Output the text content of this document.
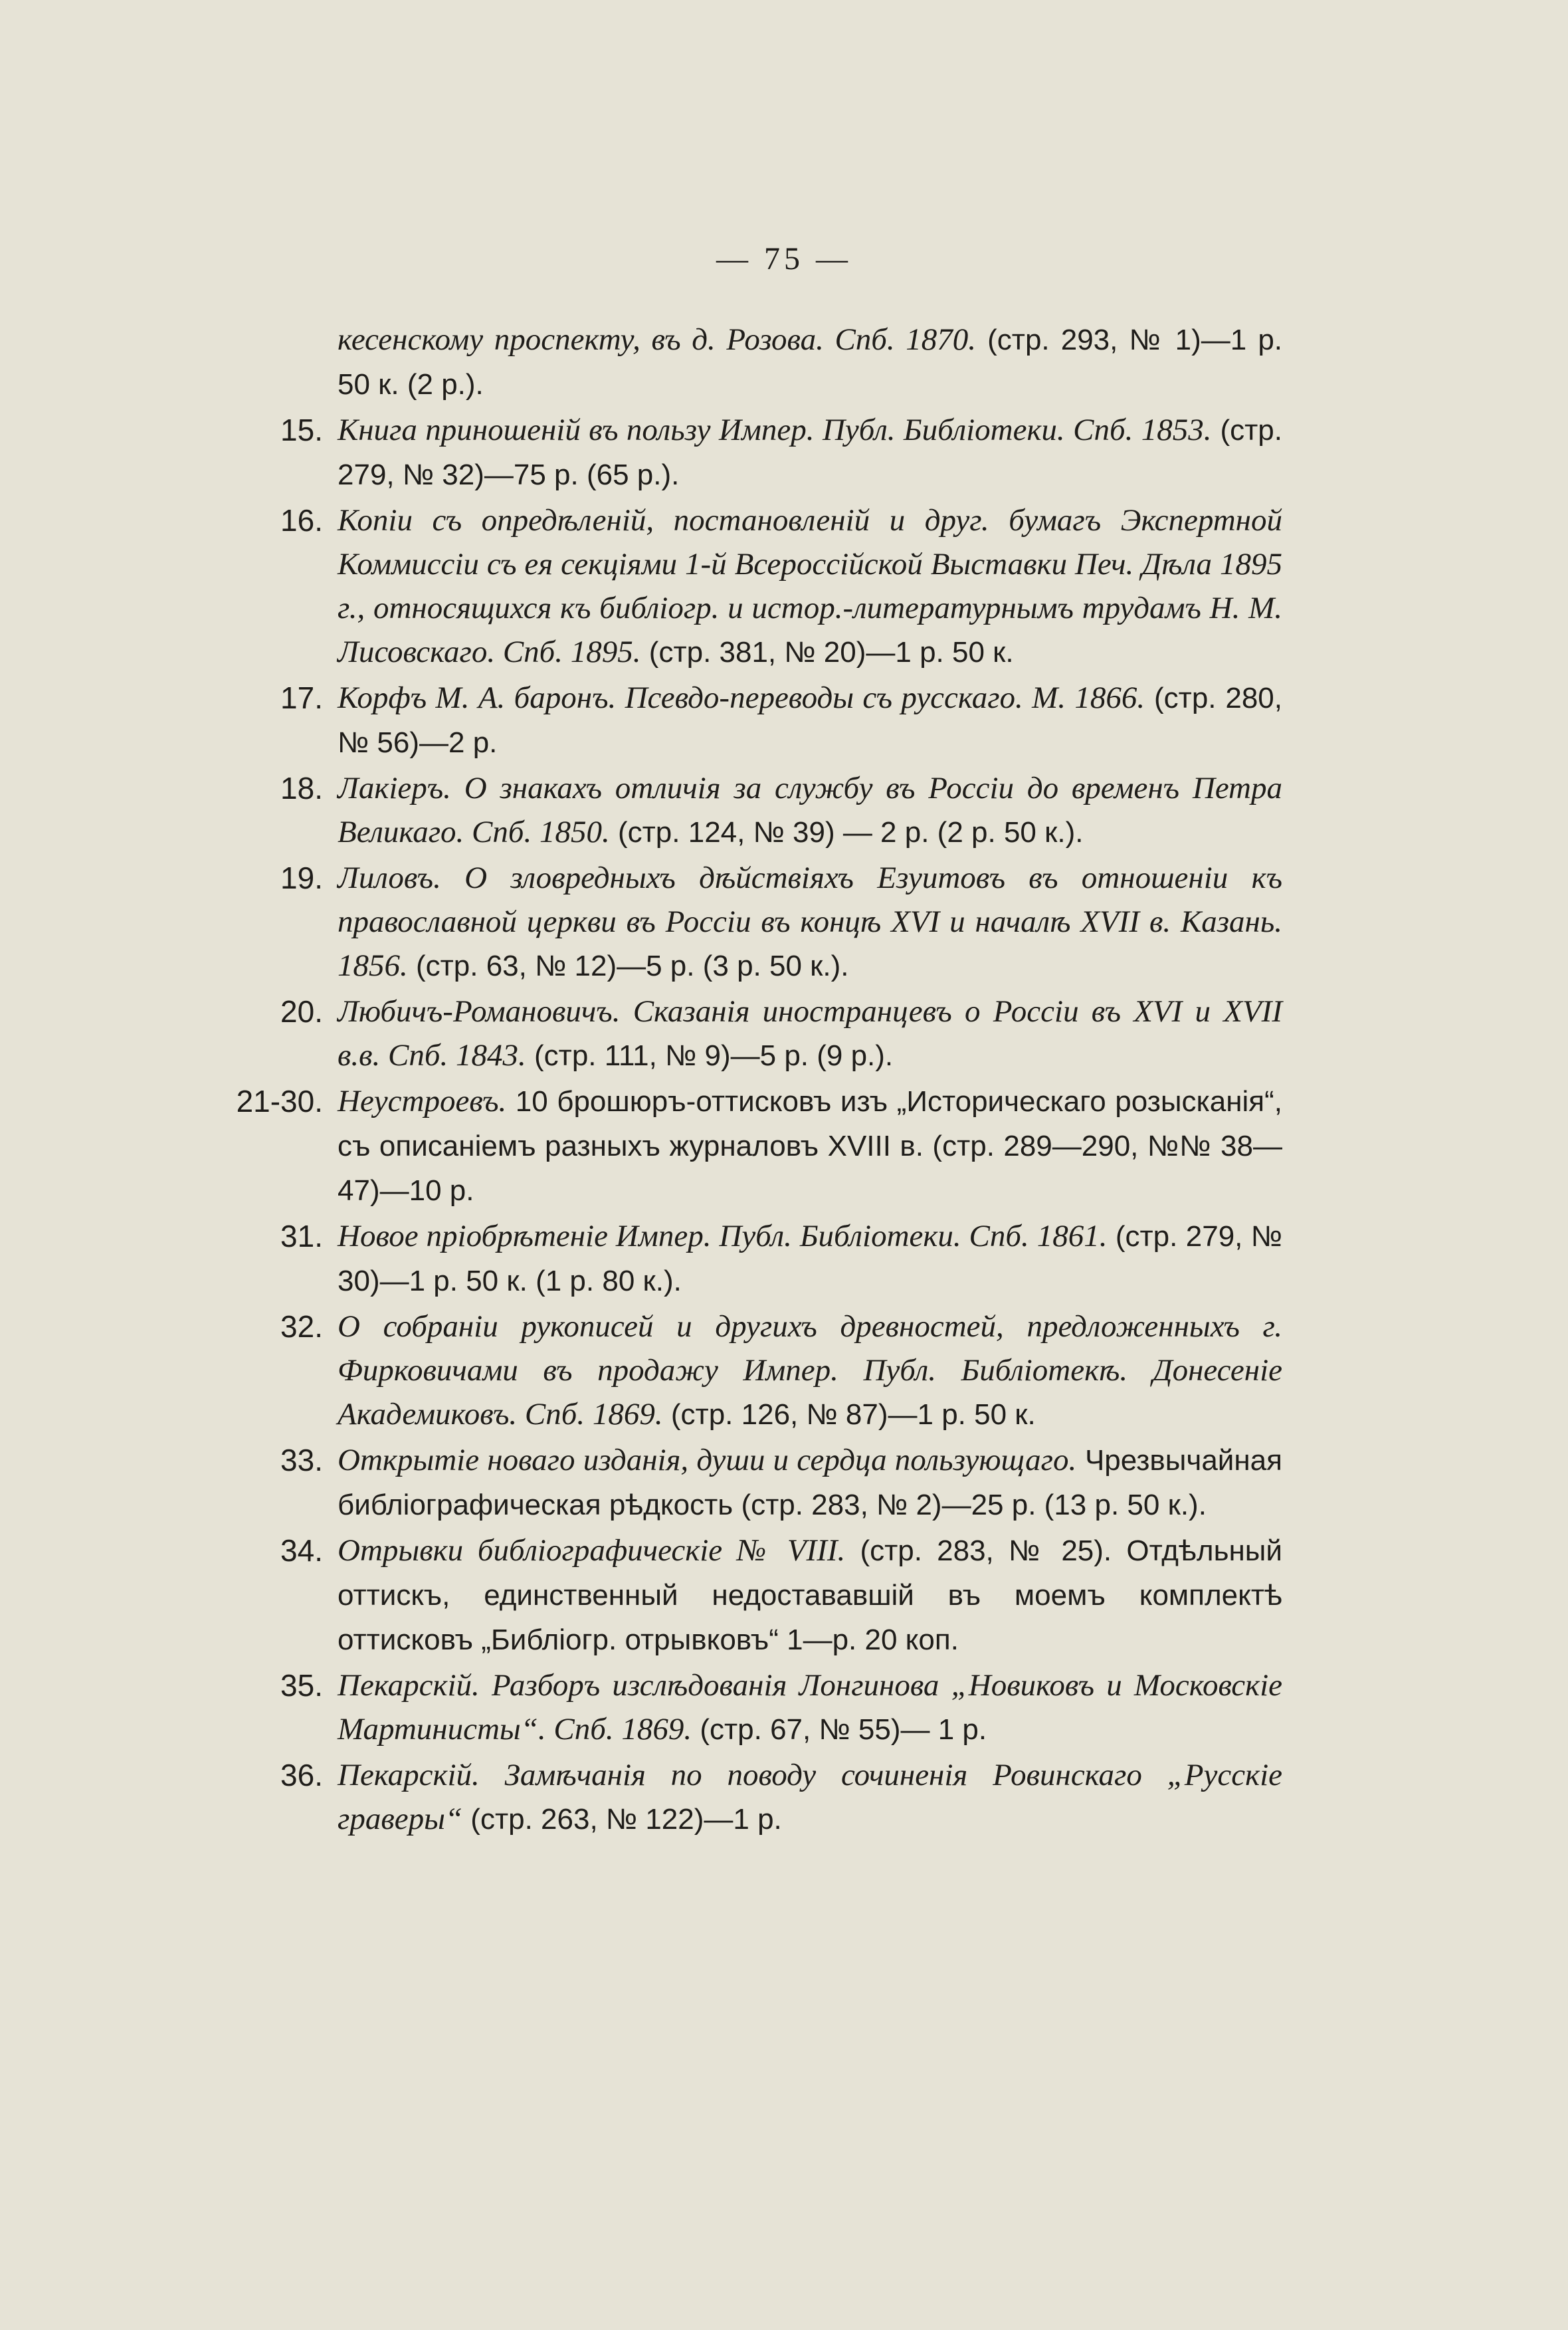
— 75 —
кесенскому проспекту, въ д. Розова. Спб. 1870. (стр. 293, № 1)—1 р. 50 к. (2 р.).
15. Книга приношеній въ пользу Импер. Публ. Библіотеки. Спб. 1853. (стр. 279, № 32)—75 р. (65 р.).
16. Копіи съ опредѣленій, постановленій и друг. бумагъ Экспертной Коммиссіи съ ея секціями 1-й Всероссійской Выставки Печ. Дѣла 1895 г., относящихся къ библіогр. и истор.-литературнымъ трудамъ Н. М. Лисовскаго. Спб. 1895. (стр. 381, № 20)—1 р. 50 к.
17. Корфъ М. А. баронъ. Псевдо-переводы съ русскаго. М. 1866. (стр. 280, № 56)—2 р.
18. Лакіеръ. О знакахъ отличія за службу въ Россіи до временъ Петра Великаго. Спб. 1850. (стр. 124, № 39) — 2 р. (2 р. 50 к.).
19. Лиловъ. О зловредныхъ дѣйствіяхъ Езуитовъ въ отношеніи къ православной церкви въ Россіи въ концѣ XVI и началѣ XVII в. Казань. 1856. (стр. 63, № 12)—5 р. (3 р. 50 к.).
20. Любичъ-Романовичъ. Сказанія иностранцевъ о Россіи въ XVI и XVII в.в. Спб. 1843. (стр. 111, № 9)—5 р. (9 р.).
21-30. Неустроевъ. 10 брошюръ-оттисковъ изъ „Историческаго розысканія“, съ описаніемъ разныхъ журналовъ XVIII в. (стр. 289—290, №№ 38—47)—10 р.
31. Новое пріобрѣтеніе Импер. Публ. Библіотеки. Спб. 1861. (стр. 279, № 30)—1 р. 50 к. (1 р. 80 к.).
32. О собраніи рукописей и другихъ древностей, предложенныхъ г. Фирковичами въ продажу Импер. Публ. Библіотекѣ. Донесеніе Академиковъ. Спб. 1869. (стр. 126, № 87)—1 р. 50 к.
33. Открытіе новаго изданія, души и сердца пользующаго. Чрезвычайная библіографическая рѣдкость (стр. 283, № 2)—25 р. (13 р. 50 к.).
34. Отрывки библіографическіе № VIII. (стр. 283, № 25). Отдѣльный оттискъ, единственный недостававшій въ моемъ комплектѣ оттисковъ „Библіогр. отрывковъ“ 1—р. 20 коп.
35. Пекарскій. Разборъ изслѣдованія Лонгинова „Новиковъ и Московскіе Мартинисты“. Спб. 1869. (стр. 67, № 55)— 1 р.
36. Пекарскій. Замѣчанія по поводу сочиненія Ровинскаго „Русскіе граверы“ (стр. 263, № 122)—1 р.
